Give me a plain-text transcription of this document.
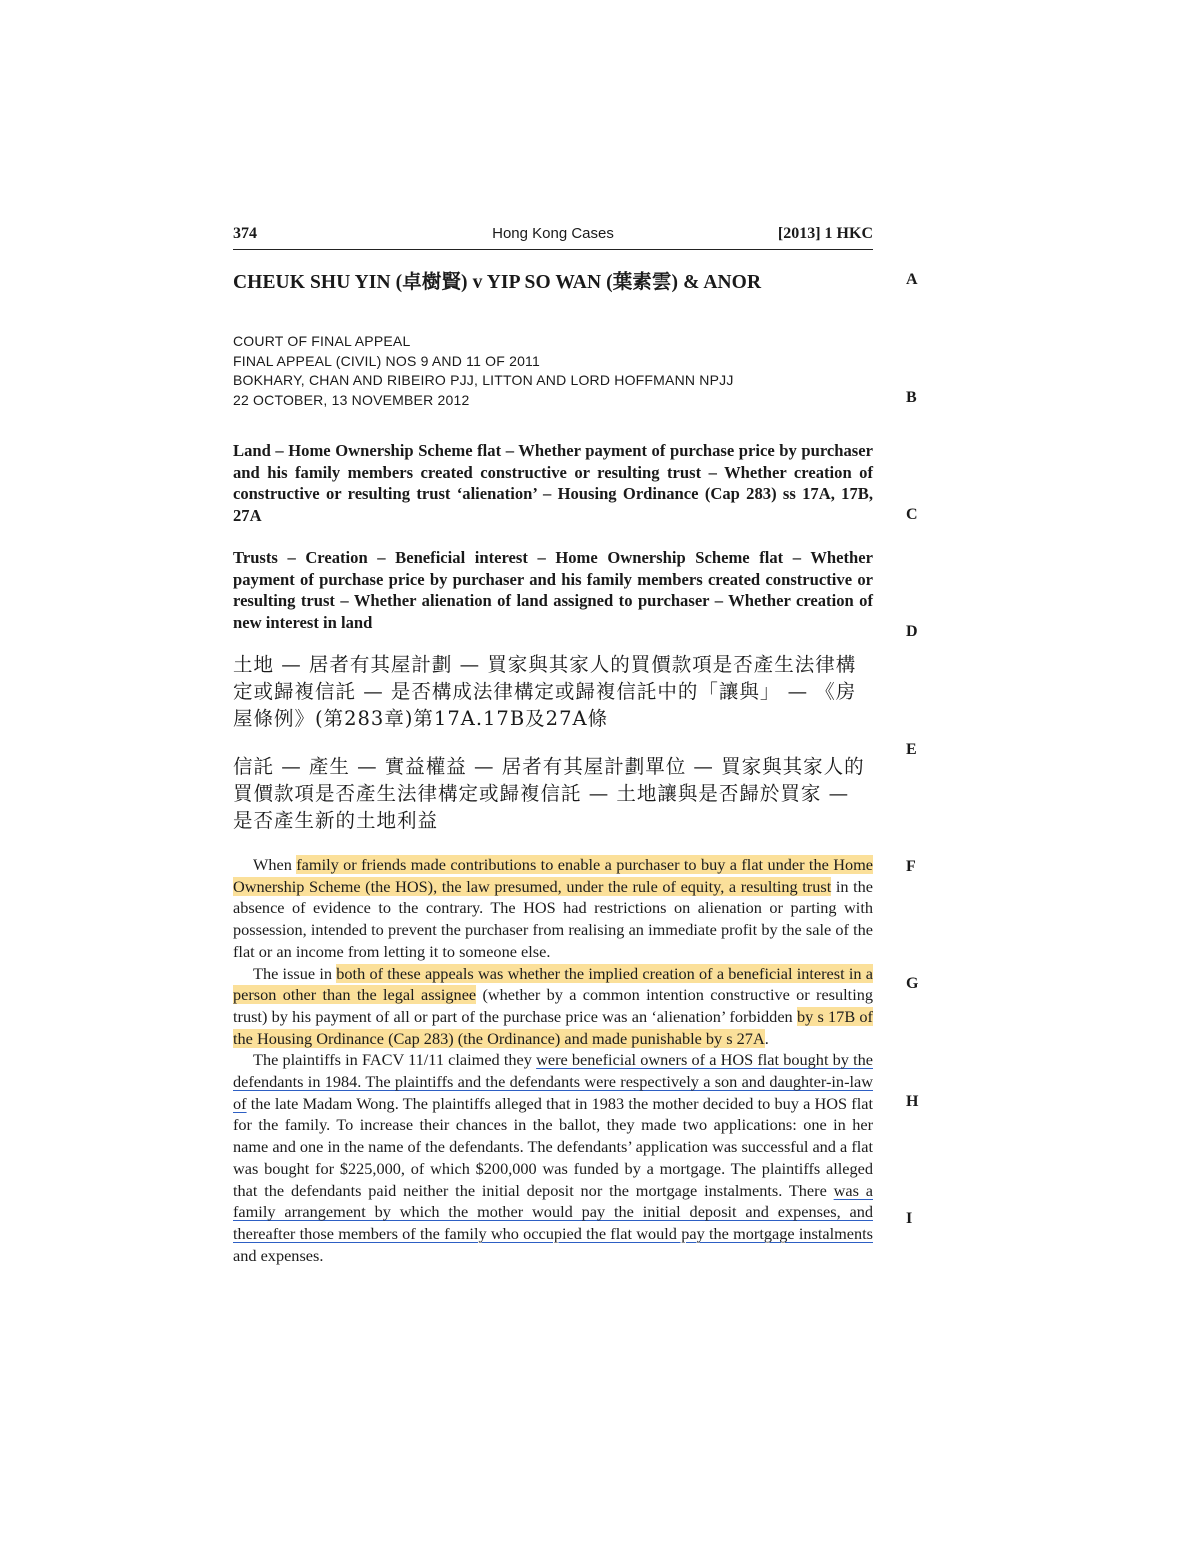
374	Hong Kong Cases	[2013] 1 HKC
CHEUK SHU YIN (卓樹賢) v YIP SO WAN (葉素雲) & ANOR
COURT OF FINAL APPEAL
FINAL APPEAL (CIVIL) NOS 9 AND 11 OF 2011
BOKHARY, CHAN AND RIBEIRO PJJ, LITTON AND LORD HOFFMANN NPJJ
22 OCTOBER, 13 NOVEMBER 2012
Land – Home Ownership Scheme flat – Whether payment of purchase price by purchaser and his family members created constructive or resulting trust – Whether creation of constructive or resulting trust ‘alienation’ – Housing Ordinance (Cap 283) ss 17A, 17B, 27A
Trusts – Creation – Beneficial interest – Home Ownership Scheme flat – Whether payment of purchase price by purchaser and his family members created constructive or resulting trust – Whether alienation of land assigned to purchaser – Whether creation of new interest in land
土地 — 居者有其屋計劃 — 買家與其家人的買價款項是否產生法律構定或歸複信託 — 是否構成法律構定或歸複信託中的「讓與」 — 《房屋條例》(第283章)第17A.17B及27A條
信託 — 產生 — 實益權益 — 居者有其屋計劃單位 — 買家與其家人的買價款項是否產生法律構定或歸複信託 — 土地讓與是否歸於買家 — 是否產生新的土地利益

When family or friends made contributions to enable a purchaser to buy a flat under the Home Ownership Scheme (the HOS), the law presumed, under the rule of equity, a resulting trust in the absence of evidence to the contrary. The HOS had restrictions on alienation or parting with possession, intended to prevent the purchaser from realising an immediate profit by the sale of the flat or an income from letting it to someone else.

The issue in both of these appeals was whether the implied creation of a beneficial interest in a person other than the legal assignee (whether by a common intention constructive or resulting trust) by his payment of all or part of the purchase price was an ‘alienation’ forbidden by s 17B of the Housing Ordinance (Cap 283) (the Ordinance) and made punishable by s 27A.

The plaintiffs in FACV 11/11 claimed they were beneficial owners of a HOS flat bought by the defendants in 1984. The plaintiffs and the defendants were respectively a son and daughter-in-law of the late Madam Wong. The plaintiffs alleged that in 1983 the mother decided to buy a HOS flat for the family. To increase their chances in the ballot, they made two applications: one in her name and one in the name of the defendants. The defendants’ application was successful and a flat was bought for $225,000, of which $200,000 was funded by a mortgage. The plaintiffs alleged that the defendants paid neither the initial deposit nor the mortgage instalments. There was a family arrangement by which the mother would pay the initial deposit and expenses, and thereafter those members of the family who occupied the flat would pay the mortgage instalments and expenses.

A
B
C
D
E
F
G
H
I
